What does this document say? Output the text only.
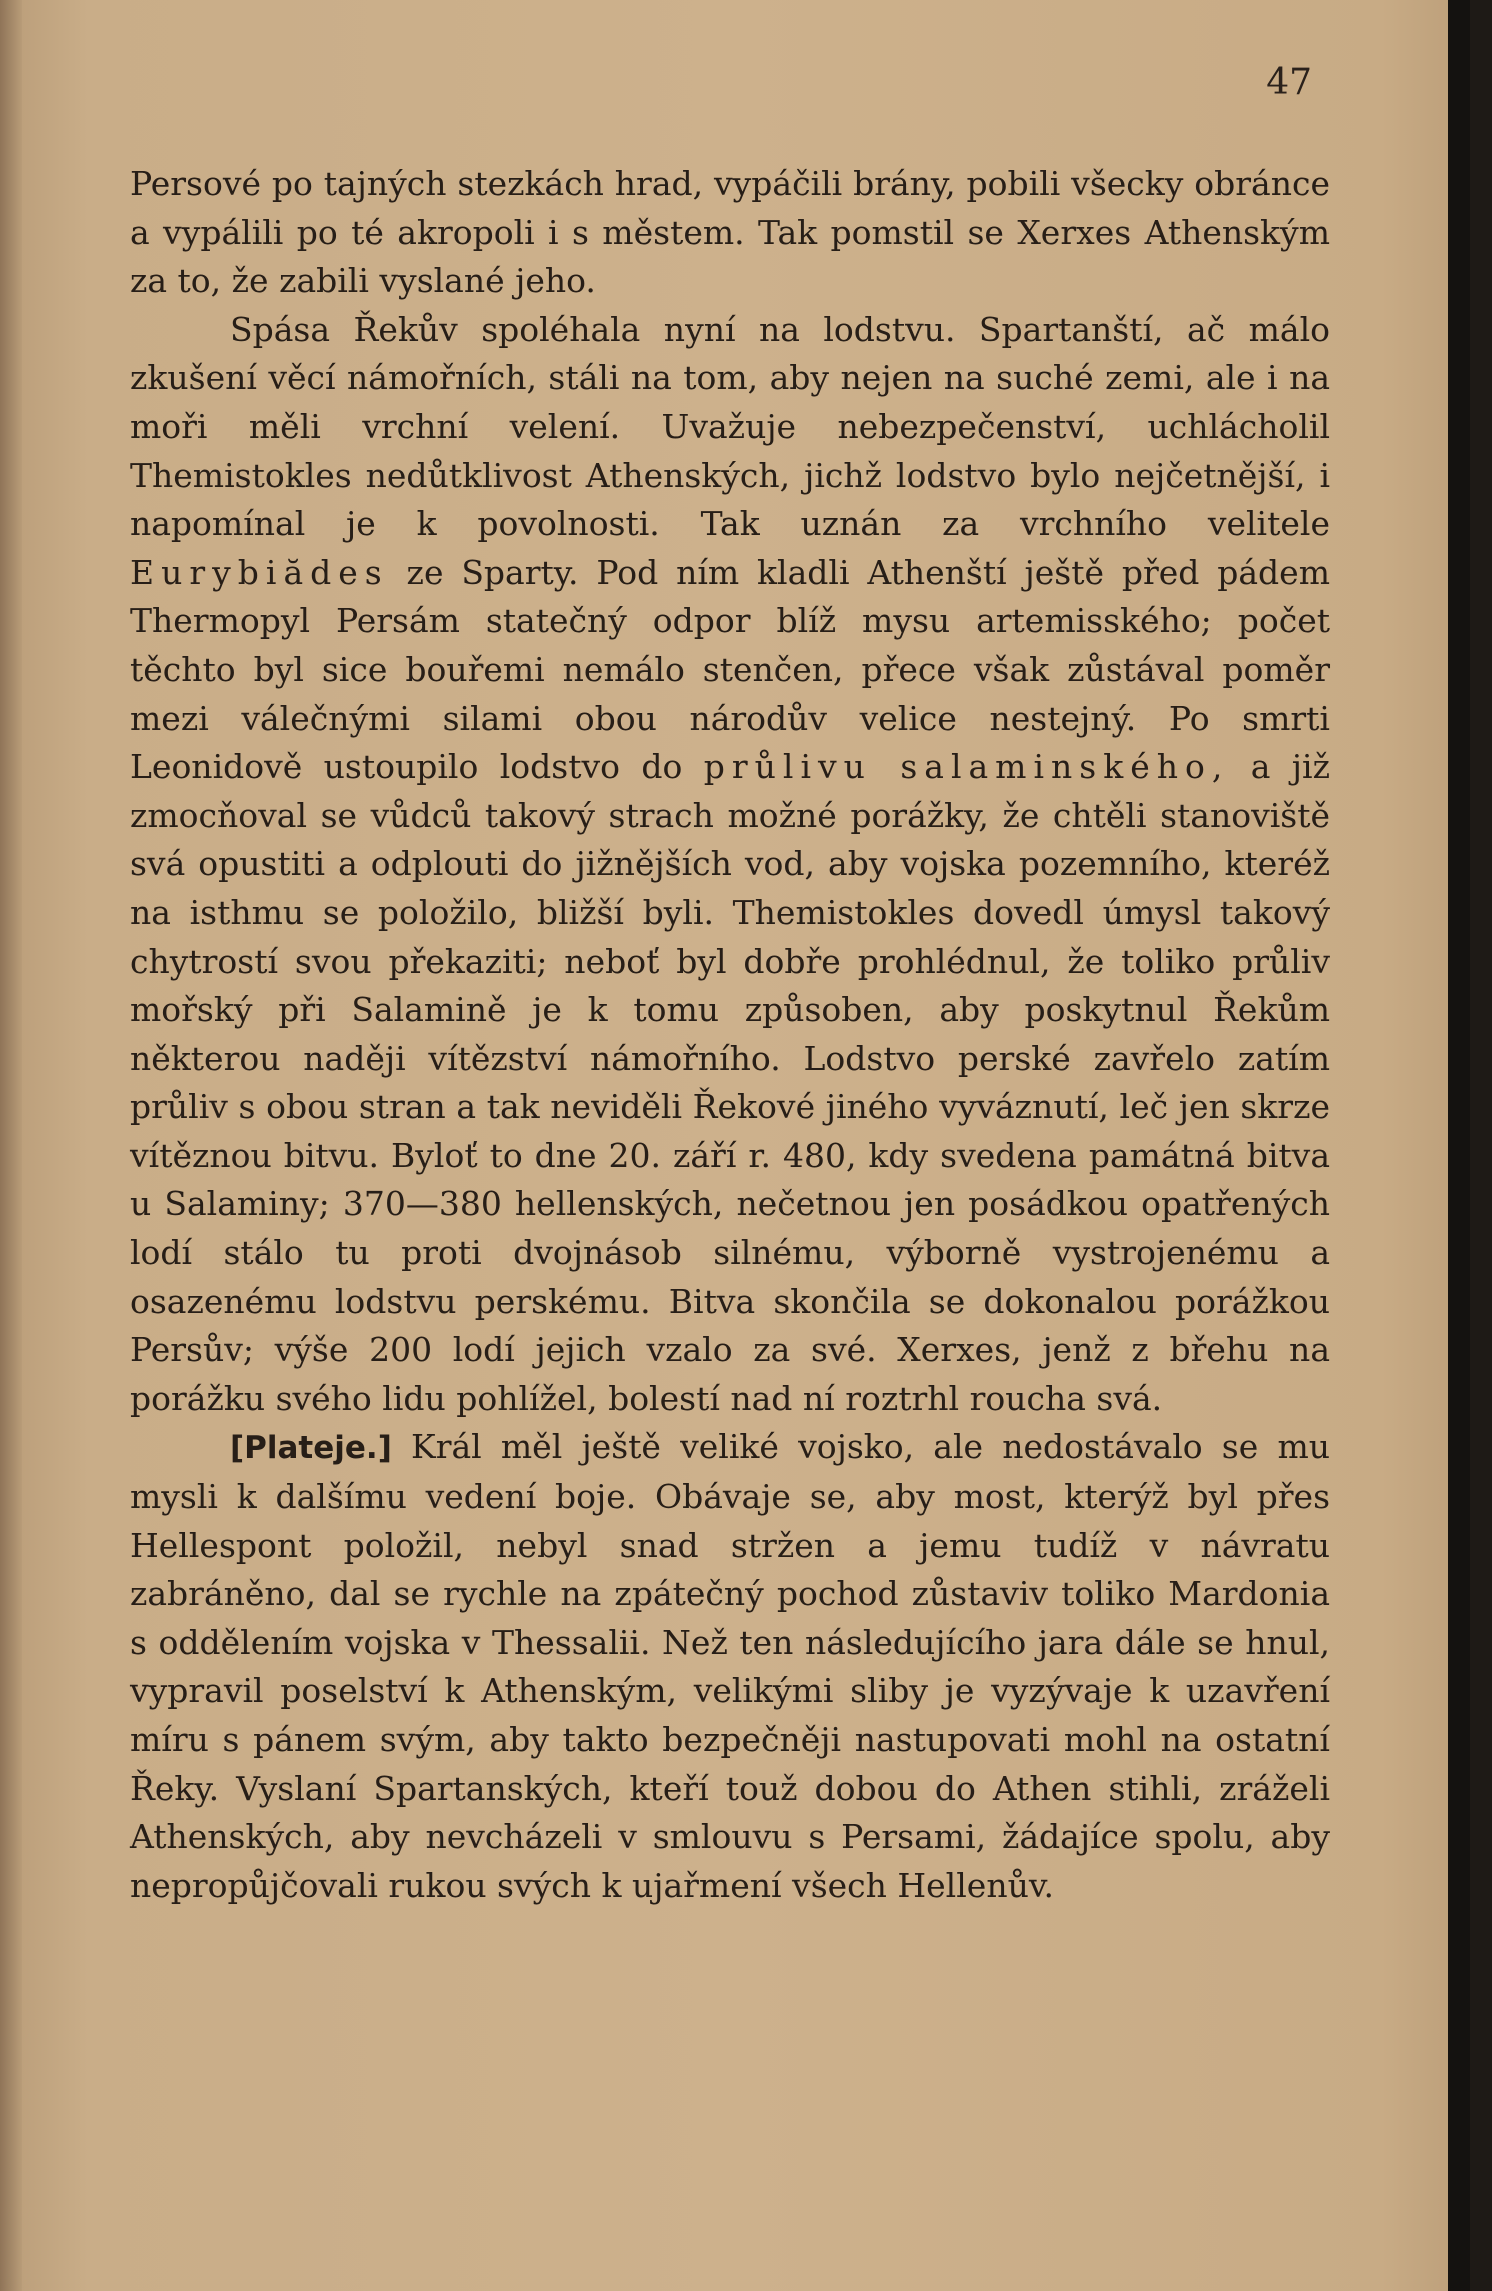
47

Persové po tajných stezkách hrad, vypáčili brány, pobili všecky obránce a vypálili po té akropoli i s městem. Tak pomstil se Xerxes Athenským za to, že zabili vyslané jeho.

Spása Řekův spoléhala nyní na lodstvu. Spartanští, ač málo zkušení věcí námořních, stáli na tom, aby nejen na suché zemi, ale i na moři měli vrchní velení. Uvažuje nebezpečenství, uchlácholil Themistokles nedůtklivost Athenských, jichž lodstvo bylo nejčetnější, i napomínal je k povolnosti. Tak uznán za vrchního velitele Eurybiădes ze Sparty. Pod ním kladli Athenští ještě před pádem Thermopyl Persám statečný odpor blíž mysu artemisského; počet těchto byl sice bouřemi nemálo stenčen, přece však zůstával poměr mezi válečnými silami obou národův velice nestejný. Po smrti Leonidově ustoupilo lodstvo do průlivu salaminského, a již zmocňoval se vůdců takový strach možné porážky, že chtěli stanoviště svá opustiti a odplouti do jižnějších vod, aby vojska pozemního, kteréž na isthmu se položilo, bližší byli. Themistokles dovedl úmysl takový chytrostí svou překaziti; neboť byl dobře prohlédnul, že toliko průliv mořský při Salamině je k tomu způsoben, aby poskytnul Řekům některou naději vítězství námořního. Lodstvo perské zavřelo zatím průliv s obou stran a tak neviděli Řekové jiného vyváznutí, leč jen skrze vítěznou bitvu. Byloť to dne 20. září r. 480, kdy svedena památná bitva u Salaminy; 370—380 hellenských, nečetnou jen posádkou opatřených lodí stálo tu proti dvojnásob silnému, výborně vystrojenému a osazenému lodstvu perskému. Bitva skončila se dokonalou porážkou Persův; výše 200 lodí jejich vzalo za své. Xerxes, jenž z břehu na porážku svého lidu pohlížel, bolestí nad ní roztrhl roucha svá.

[Plateje.] Král měl ještě veliké vojsko, ale nedostávalo se mu mysli k dalšímu vedení boje. Obávaje se, aby most, kterýž byl přes Hellespont položil, nebyl snad stržen a jemu tudíž v návratu zabráněno, dal se rychle na zpátečný pochod zůstaviv toliko Mardonia s oddělením vojska v Thessalii. Než ten následujícího jara dále se hnul, vypravil poselství k Athenským, velikými sliby je vyzývaje k uzavření míru s pánem svým, aby takto bezpečněji nastupovati mohl na ostatní Řeky. Vyslaní Spartanských, kteří touž dobou do Athen stihli, zráželi Athenských, aby nevcházeli v smlouvu s Persami, žádajíce spolu, aby nepropůjčovali rukou svých k ujařmení všech Hellenův.
